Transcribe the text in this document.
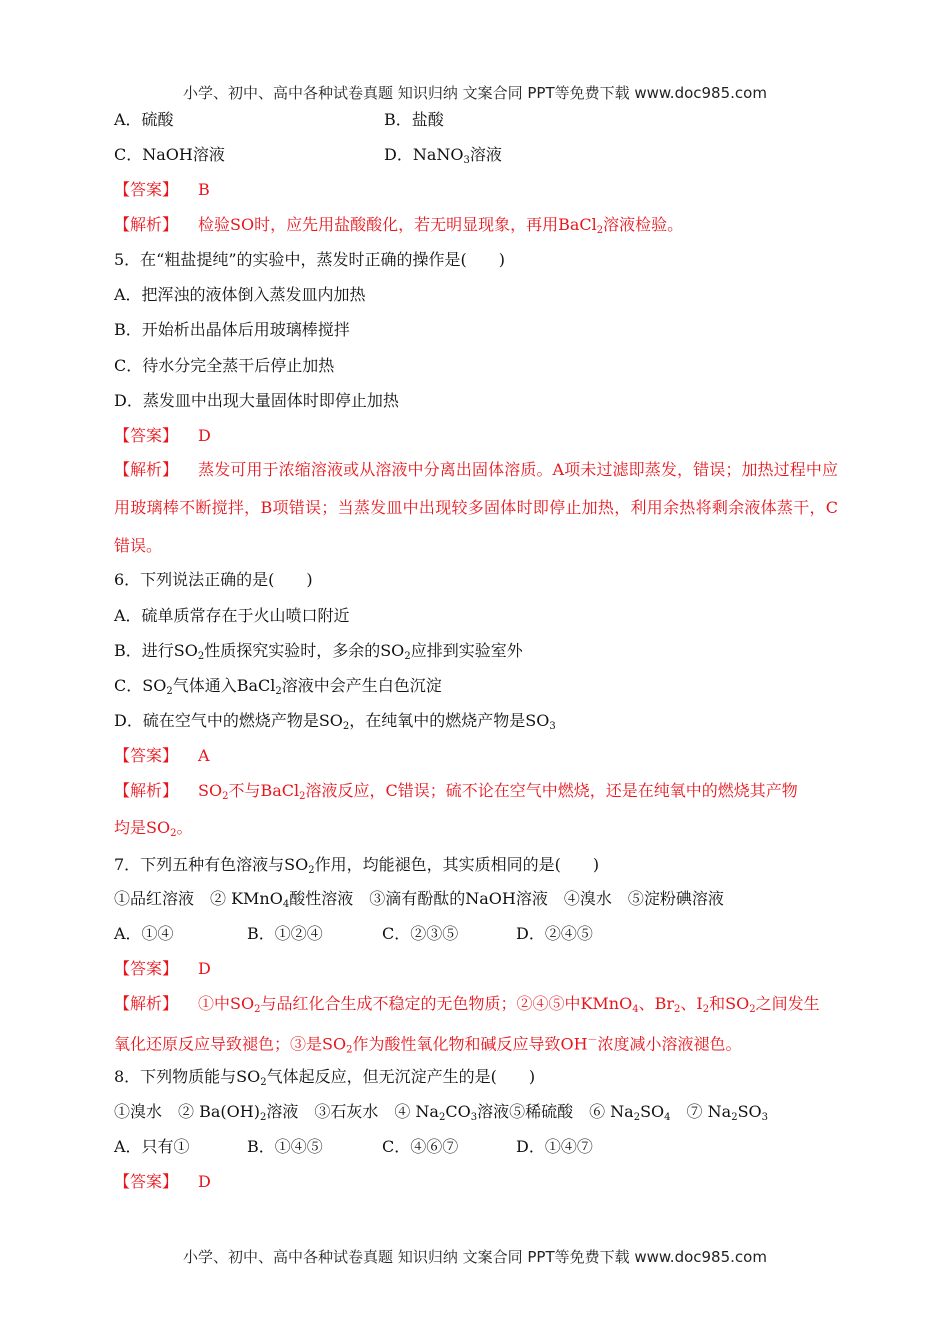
小学、初中、高中各种试卷真题 知识归纳 文案合同 PPT等免费下载 www.doc985.com
A．硫酸	B．盐酸
C．NaOH溶液	D．NaNO$_3$溶液
【答案】 B
【解析】 检验SO时，应先用盐酸酸化，若无明显现象，再用BaCl$_2$溶液检验。
5．在“粗盐提纯”的实验中，蒸发时正确的操作是(　　)
A．把浑浊的液体倒入蒸发皿内加热
B．开始析出晶体后用玻璃棒搅拌
C．待水分完全蒸干后停止加热
D．蒸发皿中出现大量固体时即停止加热
【答案】 D
【解析】 蒸发可用于浓缩溶液或从溶液中分离出固体溶质。A项未过滤即蒸发，错误；加热过程中应用玻璃棒不断搅拌，B项错误；当蒸发皿中出现较多固体时即停止加热，利用余热将剩余液体蒸干，C错误。
6．下列说法正确的是(　　)
A．硫单质常存在于火山喷口附近
B．进行$SO_2$性质探究实验时，多余的$SO_2$应排到实验室外
C．$SO_2$气体通入BaCl$_2$溶液中会产生白色沉淀
D．硫在空气中的燃烧产物是$SO_2$，在纯氧中的燃烧产物是$SO_3$
【答案】 A
【解析】 $SO_2$不与BaCl$_2$溶液反应，C错误；硫不论在空气中燃烧，还是在纯氧中的燃烧其产物
均是$SO_2$。
7．下列五种有色溶液与$SO_2$作用，均能褪色，其实质相同的是(　　)
①品红溶液　② KMnO$_4$酸性溶液　③滴有酚酞的NaOH溶液　④溴水　⑤淀粉碘溶液
A．①④	B．①②④	C．②③⑤	D．②④⑤
【答案】 D
【解析】 ①中$SO_2$与品红化合生成不稳定的无色物质；②④⑤中KMnO$_4$、$Br_2$、$I_2$和$SO_2$之间发生
氧化还原反应导致褪色；③是$SO_2$作为酸性氧化物和碱反应导致OH－浓度减小溶液褪色。
8．下列物质能与$SO_2$气体起反应，但无沉淀产生的是(　　)
①溴水　② $Ba(OH)_2$溶液　③石灰水　④ $Na_2CO_3$溶液⑤稀硫酸　⑥ $Na_2SO_4$　⑦ $Na_2SO_3$
A．只有①	B．①④⑤	C．④⑥⑦	D．①④⑦
【答案】 D
小学、初中、高中各种试卷真题 知识归纳 文案合同 PPT等免费下载 www.doc985.com
